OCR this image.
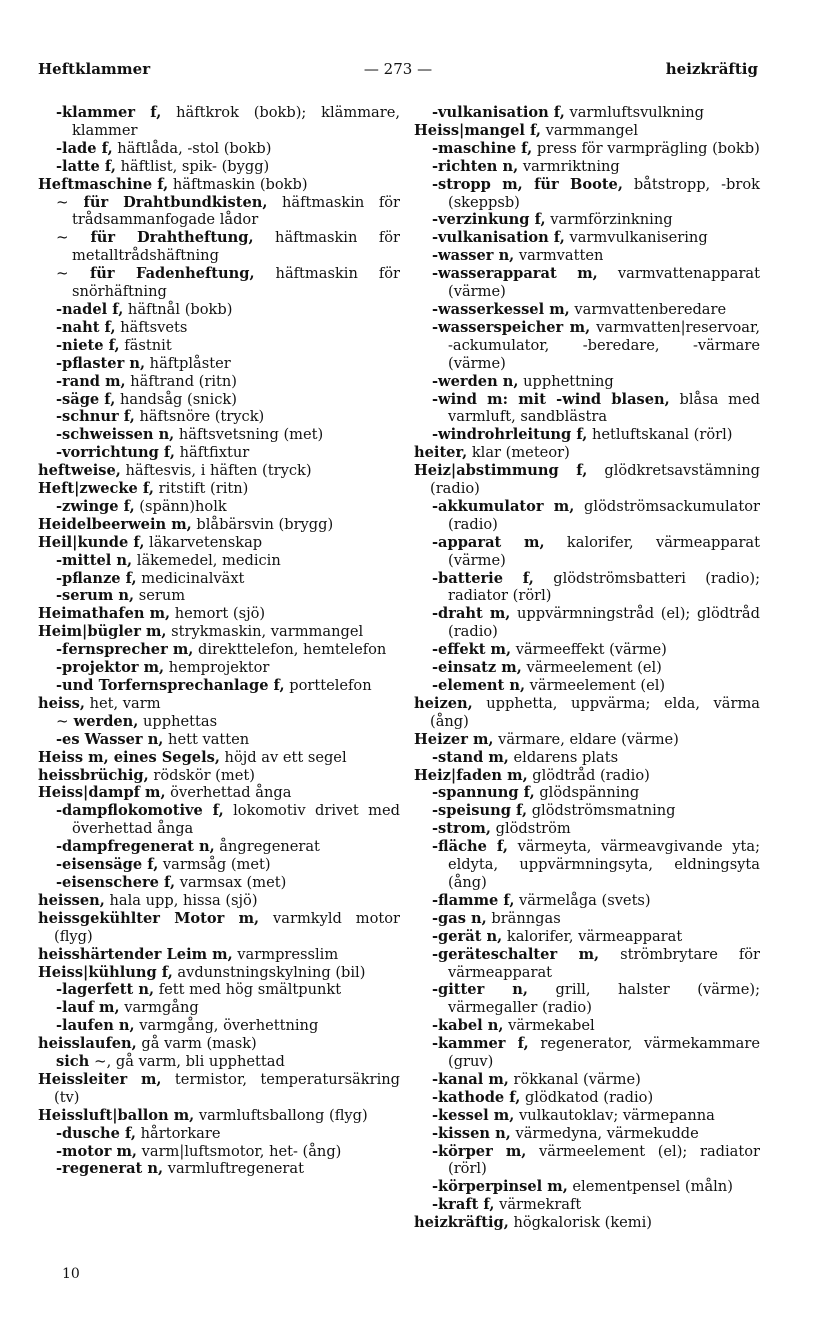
Heftklammer	— 273 —	heizkräftig
-klammer f, häftkrok (bokb); klämmare, klammer
-lade f, häftlåda, -stol (bokb)
-latte f, häftlist, spik- (bygg)
Heftmaschine f, häftmaskin (bokb)
~ für Drahtbundkisten, häftmaskin för trådsammanfogade lådor
~ für Drahtheftung, häftmaskin för metalltrådshäftning
~ für Fadenheftung, häftmaskin för snörhäftning
-nadel f, häftnål (bokb)
-naht f, häftsvets
-niete f, fästnit
-pflaster n, häftplåster
-rand m, häftrand (ritn)
-säge f, handsåg (snick)
-schnur f, häftsnöre (tryck)
-schweissen n, häftsvetsning (met)
-vorrichtung f, häftfixtur
heftweise, häftesvis, i häften (tryck)
Heft|zwecke f, ritstift (ritn)
-zwinge f, (spänn)holk
Heidelbeerwein m, blåbärsvin (brygg)
Heil|kunde f, läkarvetenskap
-mittel n, läkemedel, medicin
-pflanze f, medicinalväxt
-serum n, serum
Heimathafen m, hemort (sjö)
Heim|bügler m, strykmaskin, varmmangel
-fernsprecher m, direkttelefon, hemtelefon
-projektor m, hemprojektor
-und Torfernsprechanlage f, porttelefon
heiss, het, varm
~ werden, upphettas
-es Wasser n, hett vatten
Heiss m, eines Segels, höjd av ett segel
heissbrüchig, rödskör (met)
Heiss|dampf m, överhettad ånga
-dampflokomotive f, lokomotiv drivet med överhettad ånga
-dampfregenerat n, ångregenerat
-eisensäge f, varmsåg (met)
-eisenschere f, varmsax (met)
heissen, hala upp, hissa (sjö)
heissgekühlter Motor m, varmkyld motor (flyg)
heisshärtender Leim m, varmpresslim
Heiss|kühlung f, avdunstningskylning (bil)
-lagerfett n, fett med hög smältpunkt
-lauf m, varmgång
-laufen n, varmgång, överhettning
heisslaufen, gå varm (mask)
sich ~, gå varm, bli upphettad
Heissleiter m, termistor, temperatursäkring (tv)
Heissluft|ballon m, varmluftsballong (flyg)
-dusche f, hårtorkare
-motor m, varm|luftsmotor, het- (ång)
-regenerat n, varmluftregenerat
-vulkanisation f, varmluftsvulkning
Heiss|mangel f, varmmangel
-maschine f, press för varmprägling (bokb)
-richten n, varmriktning
-stropp m, für Boote, båtstropp, -brok (skeppsb)
-verzinkung f, varmförzinkning
-vulkanisation f, varmvulkanisering
-wasser n, varmvatten
-wasserapparat m, varmvattenapparat (värme)
-wasserkessel m, varmvattenberedare
-wasserspeicher m, varmvatten|reservoar, -ackumulator, -beredare, -värmare (värme)
-werden n, upphettning
-wind m: mit -wind blasen, blåsa med varmluft, sandblästra
-windrohrleitung f, hetluftskanal (rörl)
heiter, klar (meteor)
Heiz|abstimmung f, glödkretsavstämning (radio)
-akkumulator m, glödströmsackumulator (radio)
-apparat m, kalorifer, värmeapparat (värme)
-batterie f, glödströmsbatteri (radio); radiator (rörl)
-draht m, uppvärmningstråd (el); glödtråd (radio)
-effekt m, värmeeffekt (värme)
-einsatz m, värmeelement (el)
-element n, värmeelement (el)
heizen, upphetta, uppvärma; elda, värma (ång)
Heizer m, värmare, eldare (värme)
-stand m, eldarens plats
Heiz|faden m, glödtråd (radio)
-spannung f, glödspänning
-speisung f, glödströmsmatning
-strom, glödström
-fläche f, värmeyta, värmeavgivande yta; eldyta, uppvärmningsyta, eldningsyta (ång)
-flamme f, värmelåga (svets)
-gas n, bränngas
-gerät n, kalorifer, värmeapparat
-geräteschalter m, strömbrytare för värmeapparat
-gitter n, grill, halster (värme); värmegaller (radio)
-kabel n, värmekabel
-kammer f, regenerator, värmekammare (gruv)
-kanal m, rökkanal (värme)
-kathode f, glödkatod (radio)
-kessel m, vulkautoklav; värmepanna
-kissen n, värmedyna, värmekudde
-körper m, värmeelement (el); radiator (rörl)
-körperpinsel m, elementpensel (måln)
-kraft f, värmekraft
heizkräftig, högkalorisk (kemi)
10
